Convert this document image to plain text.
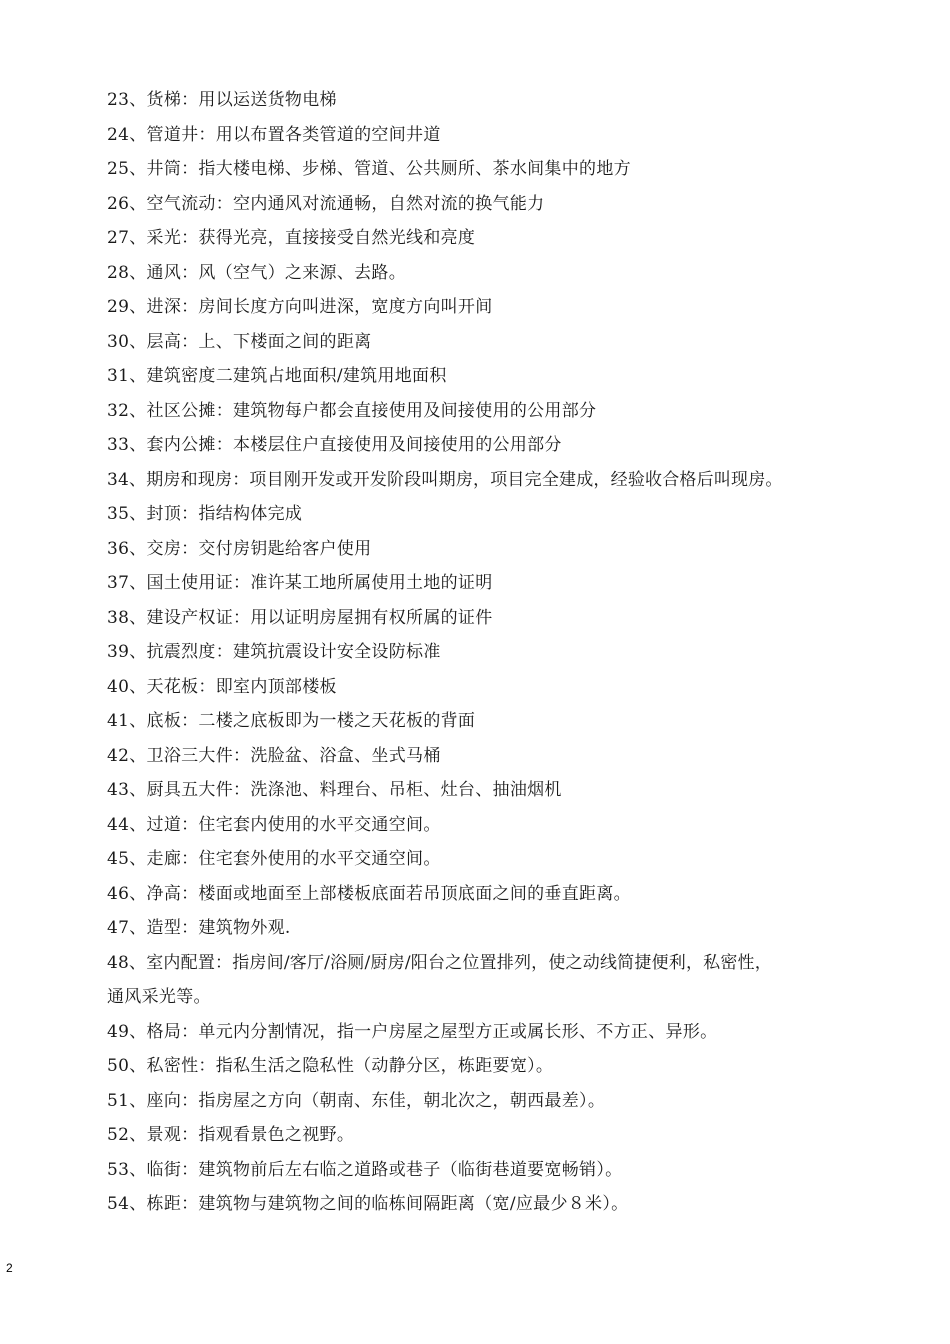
23、货梯：用以运送货物电梯
24、管道井：用以布置各类管道的空间井道
25、井筒：指大楼电梯、步梯、管道、公共厕所、茶水间集中的地方
26、空气流动：空内通风对流通畅，自然对流的换气能力
27、采光：获得光亮，直接接受自然光线和亮度
28、通风：风（空气）之来源、去路。
29、进深：房间长度方向叫进深，宽度方向叫开间
30、层高：上、下楼面之间的距离
31、建筑密度二建筑占地面积/建筑用地面积
32、社区公摊：建筑物每户都会直接使用及间接使用的公用部分
33、套内公摊：本楼层住户直接使用及间接使用的公用部分
34、期房和现房：项目刚开发或开发阶段叫期房，项目完全建成，经验收合格后叫现房。
35、封顶：指结构体完成
36、交房：交付房钥匙给客户使用
37、国土使用证：准许某工地所属使用土地的证明
38、建设产权证：用以证明房屋拥有权所属的证件
39、抗震烈度：建筑抗震设计安全设防标准
40、天花板：即室内顶部楼板
41、底板：二楼之底板即为一楼之天花板的背面
42、卫浴三大件：洗脸盆、浴盒、坐式马桶
43、厨具五大件：洗涤池、料理台、吊柜、灶台、抽油烟机
44、过道：住宅套内使用的水平交通空间。
45、走廊：住宅套外使用的水平交通空间。
46、净高：楼面或地面至上部楼板底面若吊顶底面之间的垂直距离。
47、造型：建筑物外观.
48、室内配置：指房间/客厅/浴厕/厨房/阳台之位置排列，使之动线简捷便利，私密性，
通风采光等。
49、格局：单元内分割情况，指一户房屋之屋型方正或属长形、不方正、异形。
50、私密性：指私生活之隐私性（动静分区，栋距要宽）。
51、座向：指房屋之方向（朝南、东佳，朝北次之，朝西最差）。
52、景观：指观看景色之视野。
53、临街：建筑物前后左右临之道路或巷子（临街巷道要宽畅销）。
54、栋距：建筑物与建筑物之间的临栋间隔距离（宽/应最少８米）。
2
